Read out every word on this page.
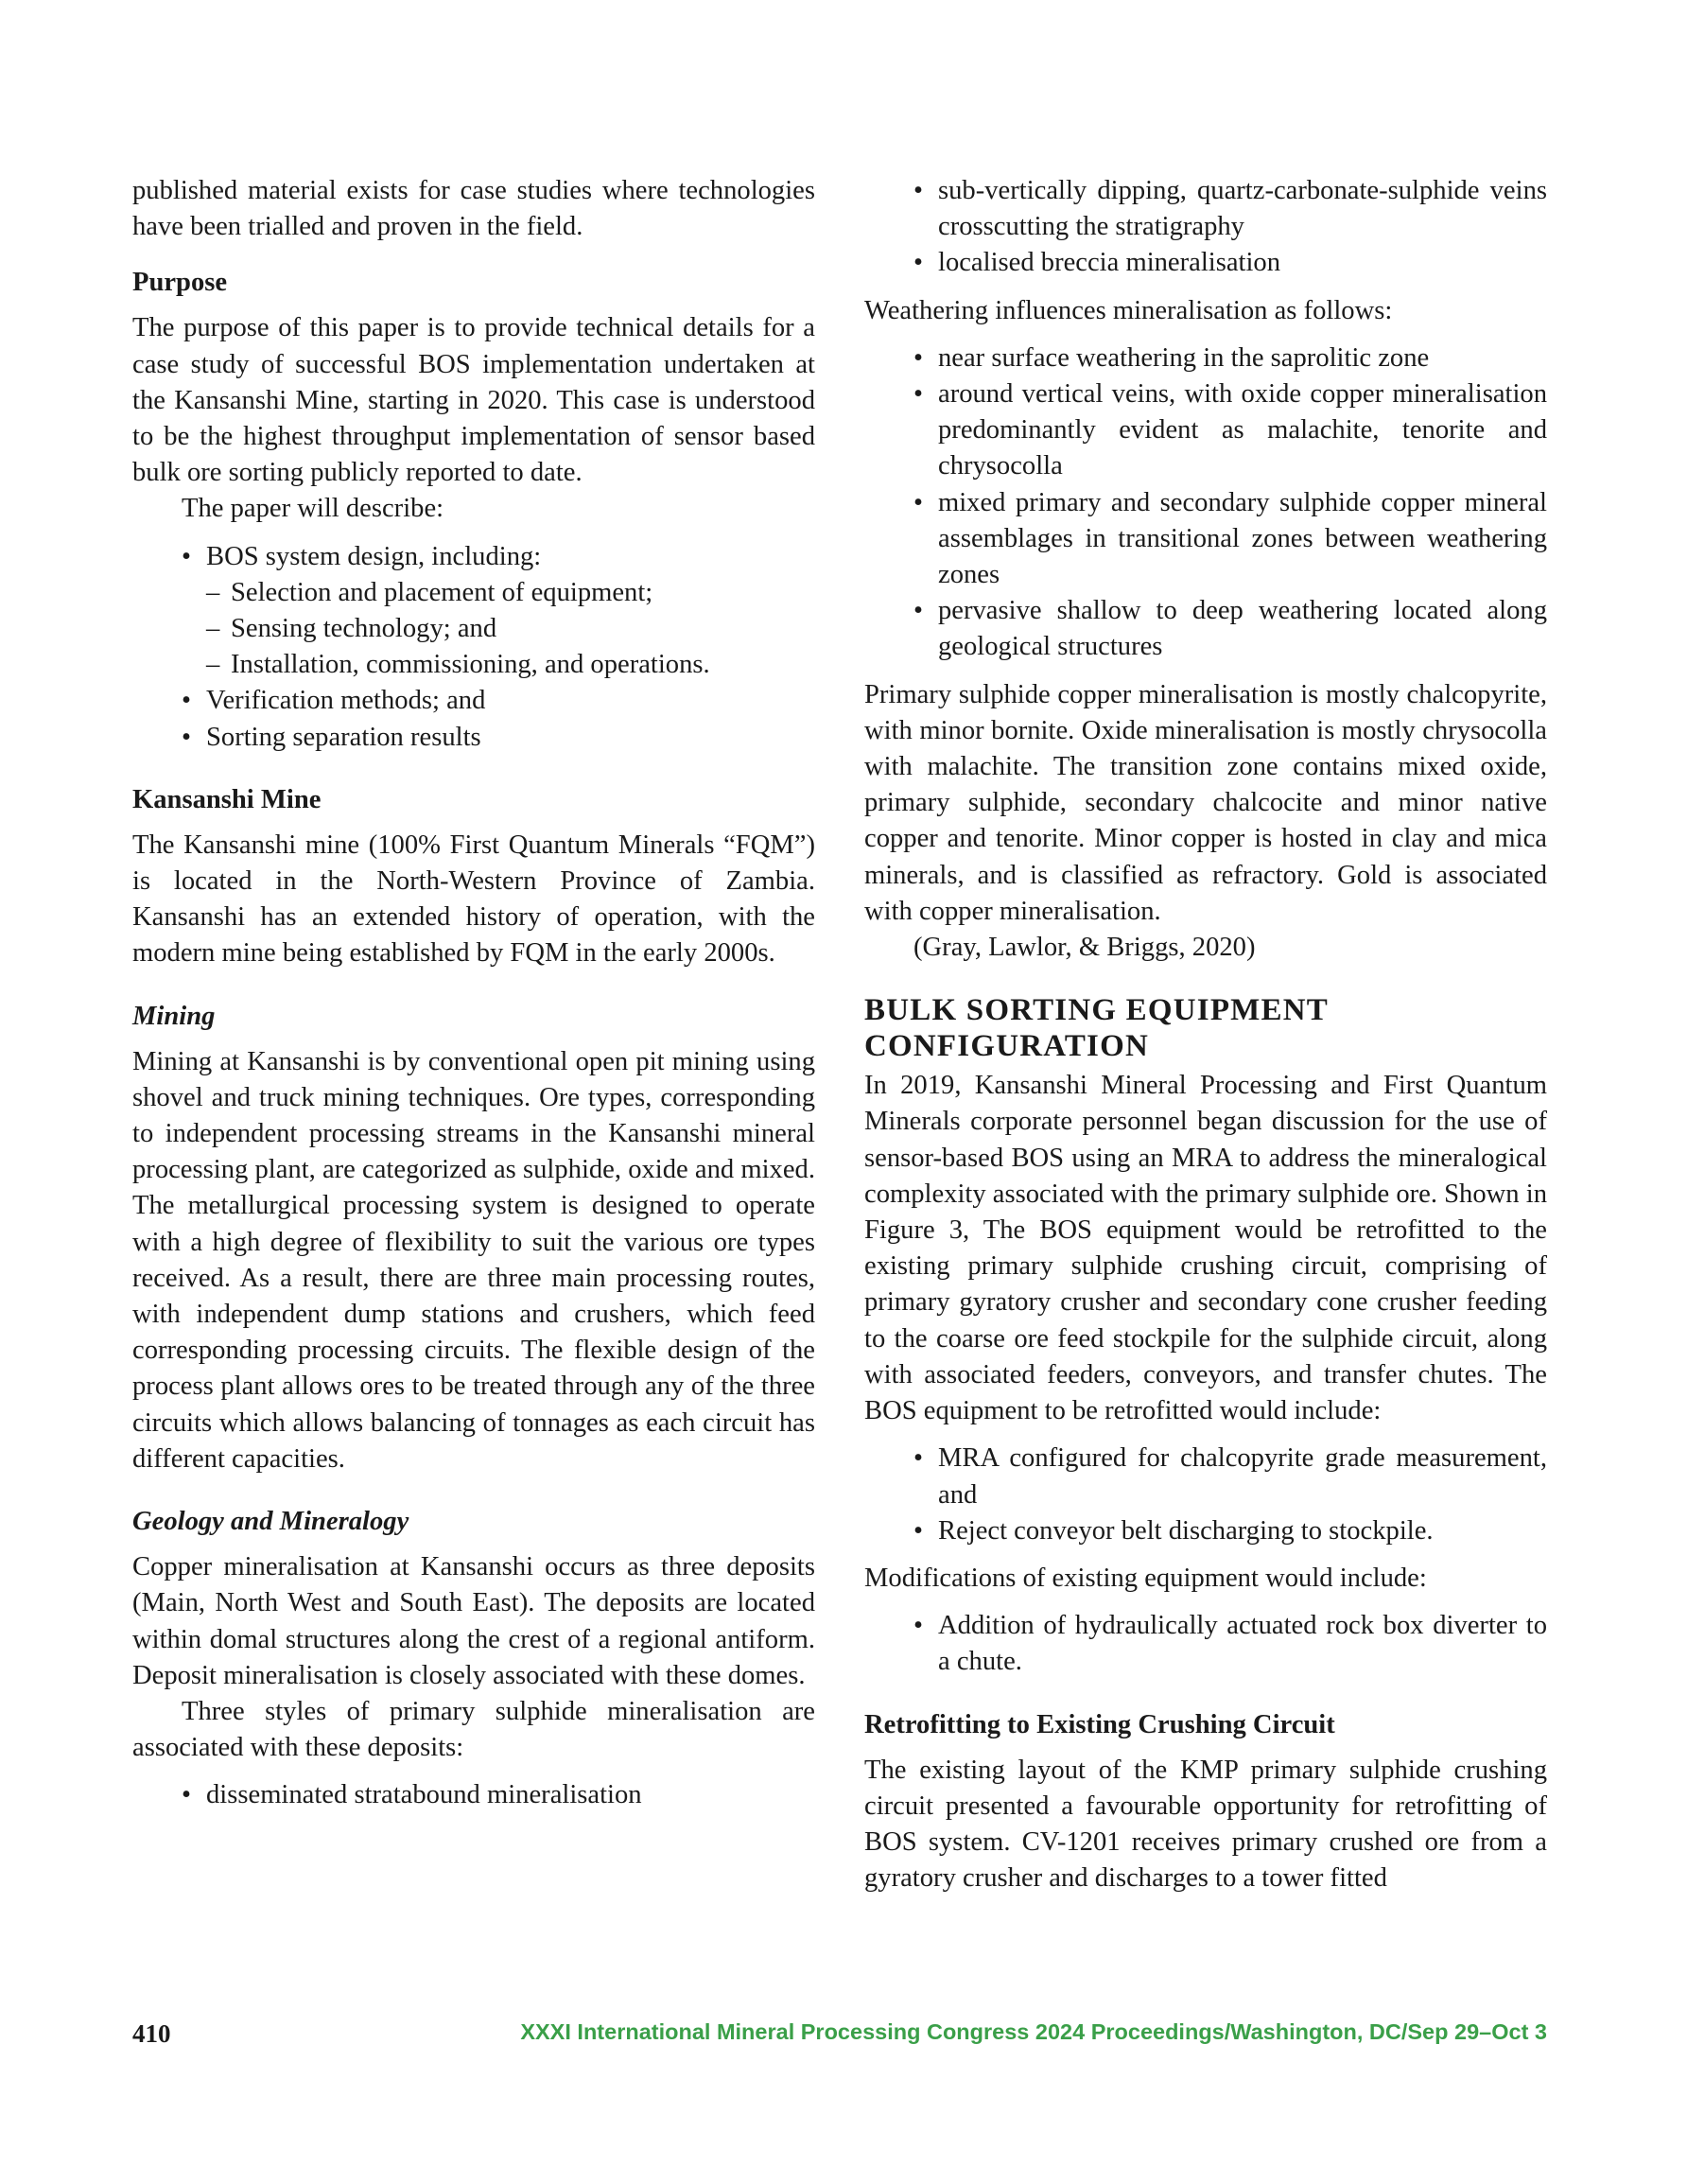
published material exists for case studies where technologies have been trialled and proven in the field.

Purpose

The purpose of this paper is to provide technical details for a case study of successful BOS implementation undertaken at the Kansanshi Mine, starting in 2020. This case is understood to be the highest throughput implementation of sensor based bulk ore sorting publicly reported to date.

The paper will describe:

• BOS system design, including:
– Selection and placement of equipment;
– Sensing technology; and
– Installation, commissioning, and operations.
• Verification methods; and
• Sorting separation results
Kansanshi Mine

The Kansanshi mine (100% First Quantum Minerals “FQM”) is located in the North-Western Province of Zambia. Kansanshi has an extended history of operation, with the modern mine being established by FQM in the early 2000s.

Mining

Mining at Kansanshi is by conventional open pit mining using shovel and truck mining techniques. Ore types, corresponding to independent processing streams in the Kansanshi mineral processing plant, are categorized as sulphide, oxide and mixed. The metallurgical processing system is designed to operate with a high degree of flexibility to suit the various ore types received. As a result, there are three main processing routes, with independent dump stations and crushers, which feed corresponding processing circuits. The flexible design of the process plant allows ores to be treated through any of the three circuits which allows balancing of tonnages as each circuit has different capacities.

Geology and Mineralogy

Copper mineralisation at Kansanshi occurs as three deposits (Main, North West and South East). The deposits are located within domal structures along the crest of a regional antiform. Deposit mineralisation is closely associated with these domes.

Three styles of primary sulphide mineralisation are associated with these deposits:

• disseminated stratabound mineralisation
• sub-vertically dipping, quartz-carbonate-sulphide veins crosscutting the stratigraphy
• localised breccia mineralisation

Weathering influences mineralisation as follows:

• near surface weathering in the saprolitic zone
• around vertical veins, with oxide copper mineralisation predominantly evident as malachite, tenorite and chrysocolla
• mixed primary and secondary sulphide copper mineral assemblages in transitional zones between weathering zones
• pervasive shallow to deep weathering located along geological structures

Primary sulphide copper mineralisation is mostly chalcopyrite, with minor bornite. Oxide mineralisation is mostly chrysocolla with malachite. The transition zone contains mixed oxide, primary sulphide, secondary chalcocite and minor native copper and tenorite. Minor copper is hosted in clay and mica minerals, and is classified as refractory. Gold is associated with copper mineralisation.

(Gray, Lawlor, & Briggs, 2020)

BULK SORTING EQUIPMENT
CONFIGURATION

In 2019, Kansanshi Mineral Processing and First Quantum Minerals corporate personnel began discussion for the use of sensor-based BOS using an MRA to address the mineralogical complexity associated with the primary sulphide ore. Shown in Figure 3, The BOS equipment would be retrofitted to the existing primary sulphide crushing circuit, comprising of primary gyratory crusher and secondary cone crusher feeding to the coarse ore feed stockpile for the sulphide circuit, along with associated feeders, conveyors, and transfer chutes. The BOS equipment to be retrofitted would include:

• MRA configured for chalcopyrite grade measurement, and
• Reject conveyor belt discharging to stockpile.

Modifications of existing equipment would include:

• Addition of hydraulically actuated rock box diverter to a chute.
Retrofitting to Existing Crushing Circuit

The existing layout of the KMP primary sulphide crushing circuit presented a favourable opportunity for retrofitting of BOS system. CV-1201 receives primary crushed ore from a gyratory crusher and discharges to a tower fitted

410	XXXI International Mineral Processing Congress 2024 Proceedings/Washington, DC/Sep 29–Oct 3
